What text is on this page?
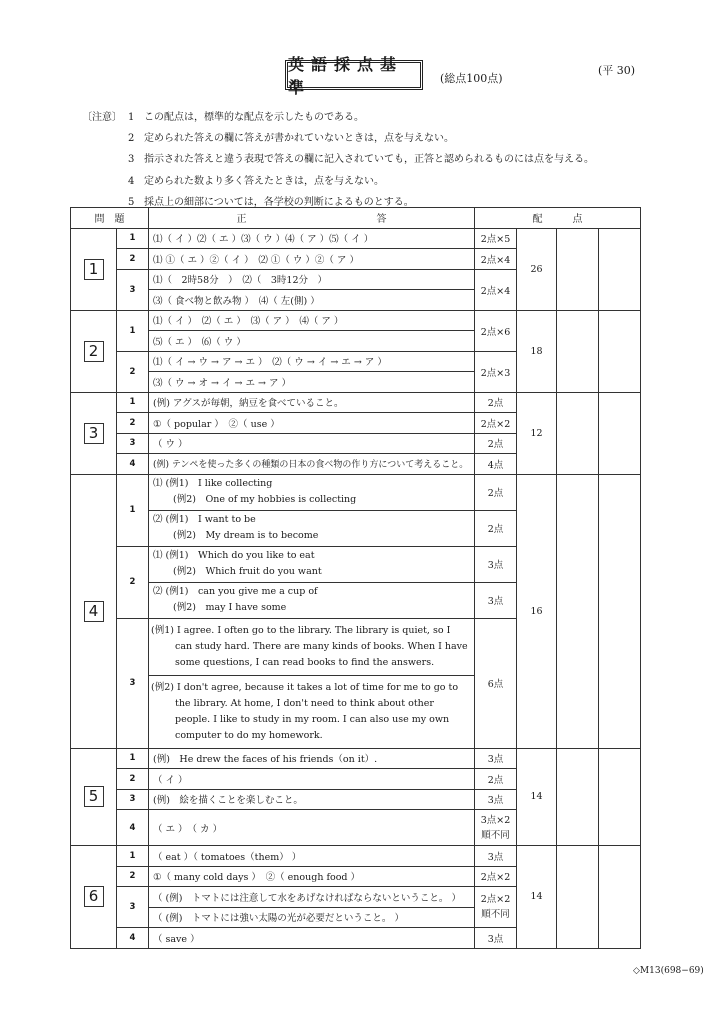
英語採点基準	(総点100点)
(平 30)
〔注意〕 1 この配点は，標準的な配点を示したものである。
2 定められた答えの欄に答えが書かれていないときは，点を与えない。
3 指示された答えと違う表現で答えの欄に記入されていても，正答と認められるものには点を与える。
4 定められた数より多く答えたときは，点を与えない。
5 採点上の細部については，各学校の判断によるものとする。
問　題		正　　　　　　　　　　　　　答	配　　　点			
1	1	⑴（ イ ）⑵（ エ ）⑶（ ウ ）⑷（ ア ）⑸（ イ ）	2点×5	26		
	2	⑴ ①（ エ ）②（ イ ）　⑵ ①（ ウ ）②（ ア ）	2点×4			
	3	⑴（　2時58分　）　⑵（　3時12分　）	2点×4			
		⑶（ 食べ物と飲み物 ）　⑷（ 左(側) ）				
2	1	⑴（ イ ）　⑵（ エ ）　⑶（ ア ）　⑷（ ア ）	2点×6	18		
		⑸（ エ ）　⑹（ ウ ）				
	2	⑴（ イ → ウ → ア → エ ）　⑵（ ウ → イ → エ → ア ）	2点×3			
		⑶（ ウ → オ → イ → エ → ア ）				
3	1	(例) アグスが毎朝，納豆を食べていること。	2点	12		
	2	①（ popular ）　②（ use ）	2点×2			
	3	（ ウ ）	2点			
	4	(例) テンペを使った多くの種類の日本の食べ物の作り方について考えること。	4点			
4	1	⑴ (例1)　I like collecting

(例2)　One of my hobbies is collecting	2点	16		
		⑵ (例1)　I want to be

(例2)　My dream is to become	2点			
	2	⑴ (例1)　Which do you like to eat

(例2)　Which fruit do you want	3点			
		⑵ (例1)　can you give me a cup of

(例2)　may I have some	3点			
	3	(例1) I agree. I often go to the library. The library is quiet, so I can study hard. There are many kinds of books. When I have some questions, I can read books to find the answers.	6点			
		(例2) I don't agree, because it takes a lot of time for me to go to the library. At home, I don't need to think about other people. I like to study in my room. I can also use my own computer to do my homework.				
5	1	(例)　He drew the faces of his friends（on it）.	3点	14		
	2	（ イ ）	2点			
	3	(例)　絵を描くことを楽しむこと。	3点			
	4	（ エ ）　（ カ ）	3点×2
順不同			
6	1	（ eat ）（ tomatoes（them） ）	3点	14		
	2	①（ many cold days ）　②（ enough food ）	2点×2			
	3	（ (例)　トマトには注意して水をあげなければならないということ。 ）	2点×2
順不同			
		（ (例)　トマトには強い太陽の光が必要だということ。 ）				
	4	（ save ）	3点			
◇M13(698−69)
